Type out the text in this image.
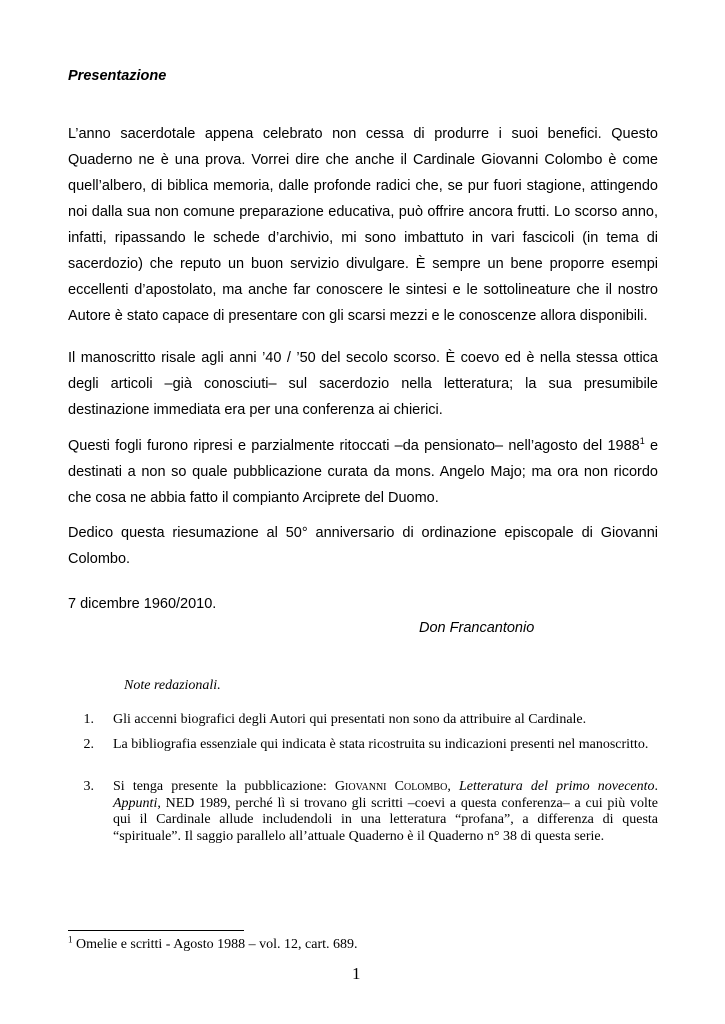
Presentazione

L’anno sacerdotale appena celebrato non cessa di produrre i suoi benefici. Questo Quaderno ne è una prova. Vorrei dire che anche il Cardinale Giovanni Colombo è come quell’albero, di biblica memoria, dalle profonde radici che, se pur fuori stagione, attingendo noi dalla sua non comune preparazione educativa, può offrire ancora frutti. Lo scorso anno, infatti, ripassando le schede d’archivio, mi sono imbattuto in vari fascicoli (in tema di sacerdozio) che reputo un buon servizio divulgare. È sempre un bene proporre esempi eccellenti d’apostolato, ma anche far conoscere le sintesi e le sottolineature che il nostro Autore è stato capace di presentare con gli scarsi mezzi e le conoscenze allora disponibili.

Il manoscritto risale agli anni ’40 / ’50 del secolo scorso. È coevo ed è nella stessa ottica degli articoli –già conosciuti– sul sacerdozio nella letteratura; la sua presumibile destinazione immediata era per una conferenza ai chierici.

Questi fogli furono ripresi e parzialmente ritoccati –da pensionato– nell’agosto del 1988$^1$ e destinati a non so quale pubblicazione curata da mons. Angelo Majo; ma ora non ricordo che cosa ne abbia fatto il compianto Arciprete del Duomo.

Dedico questa riesumazione al 50° anniversario di ordinazione episcopale di Giovanni Colombo.

7 dicembre 1960/2010.
Don Francantonio
Note redazionali.
1. Gli accenni biografici degli Autori qui presentati non sono da attribuire al Cardinale.
2. La bibliografia essenziale qui indicata è stata ricostruita su indicazioni presenti nel manoscritto.
3. Si tenga presente la pubblicazione: Giovanni Colombo, Letteratura del primo novecento. Appunti, NED 1989, perché lì si trovano gli scritti –coevi a questa conferenza– a cui più volte qui il Cardinale allude includendoli in una letteratura “profana”, a differenza di questa “spirituale”. Il saggio parallelo all’attuale Quaderno è il Quaderno n° 38 di questa serie.
$^1$ Omelie e scritti - Agosto 1988 – vol. 12, cart. 689.
1
